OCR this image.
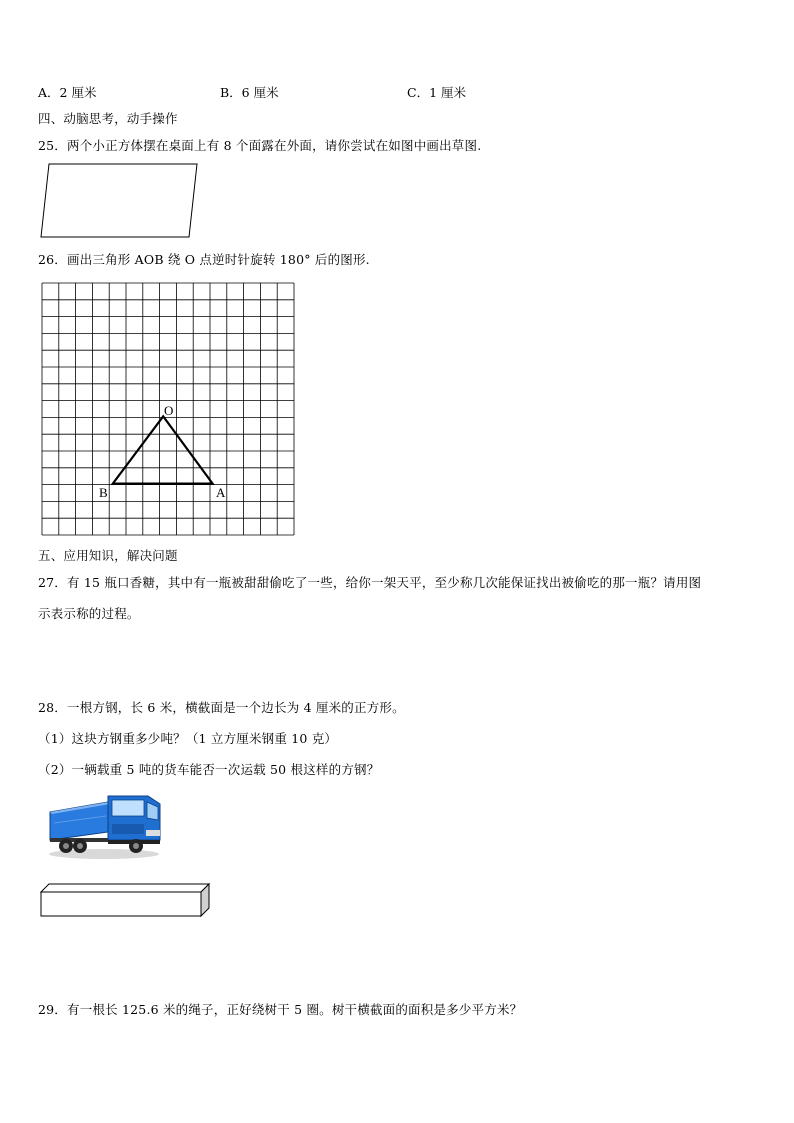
A．2 厘米	B．6 厘米	C．1 厘米
四、动脑思考，动手操作
25．两个小正方体摆在桌面上有 8 个面露在外面，请你尝试在如图中画出草图.
26．画出三角形 AOB 绕 O 点逆时针旋转 180° 后的图形.
O
A
B
五、应用知识，解决问题
27．有 15 瓶口香糖，其中有一瓶被甜甜偷吃了一些，给你一架天平，至少称几次能保证找出被偷吃的那一瓶？请用图
示表示称的过程。
28．一根方钢，长 6 米，横截面是一个边长为 4 厘米的正方形。
（1）这块方钢重多少吨？（1 立方厘米钢重 10 克）
（2）一辆载重 5 吨的货车能否一次运载 50 根这样的方钢？
29．有一根长 125.6 米的绳子，正好绕树干 5 圈。树干横截面的面积是多少平方米？
